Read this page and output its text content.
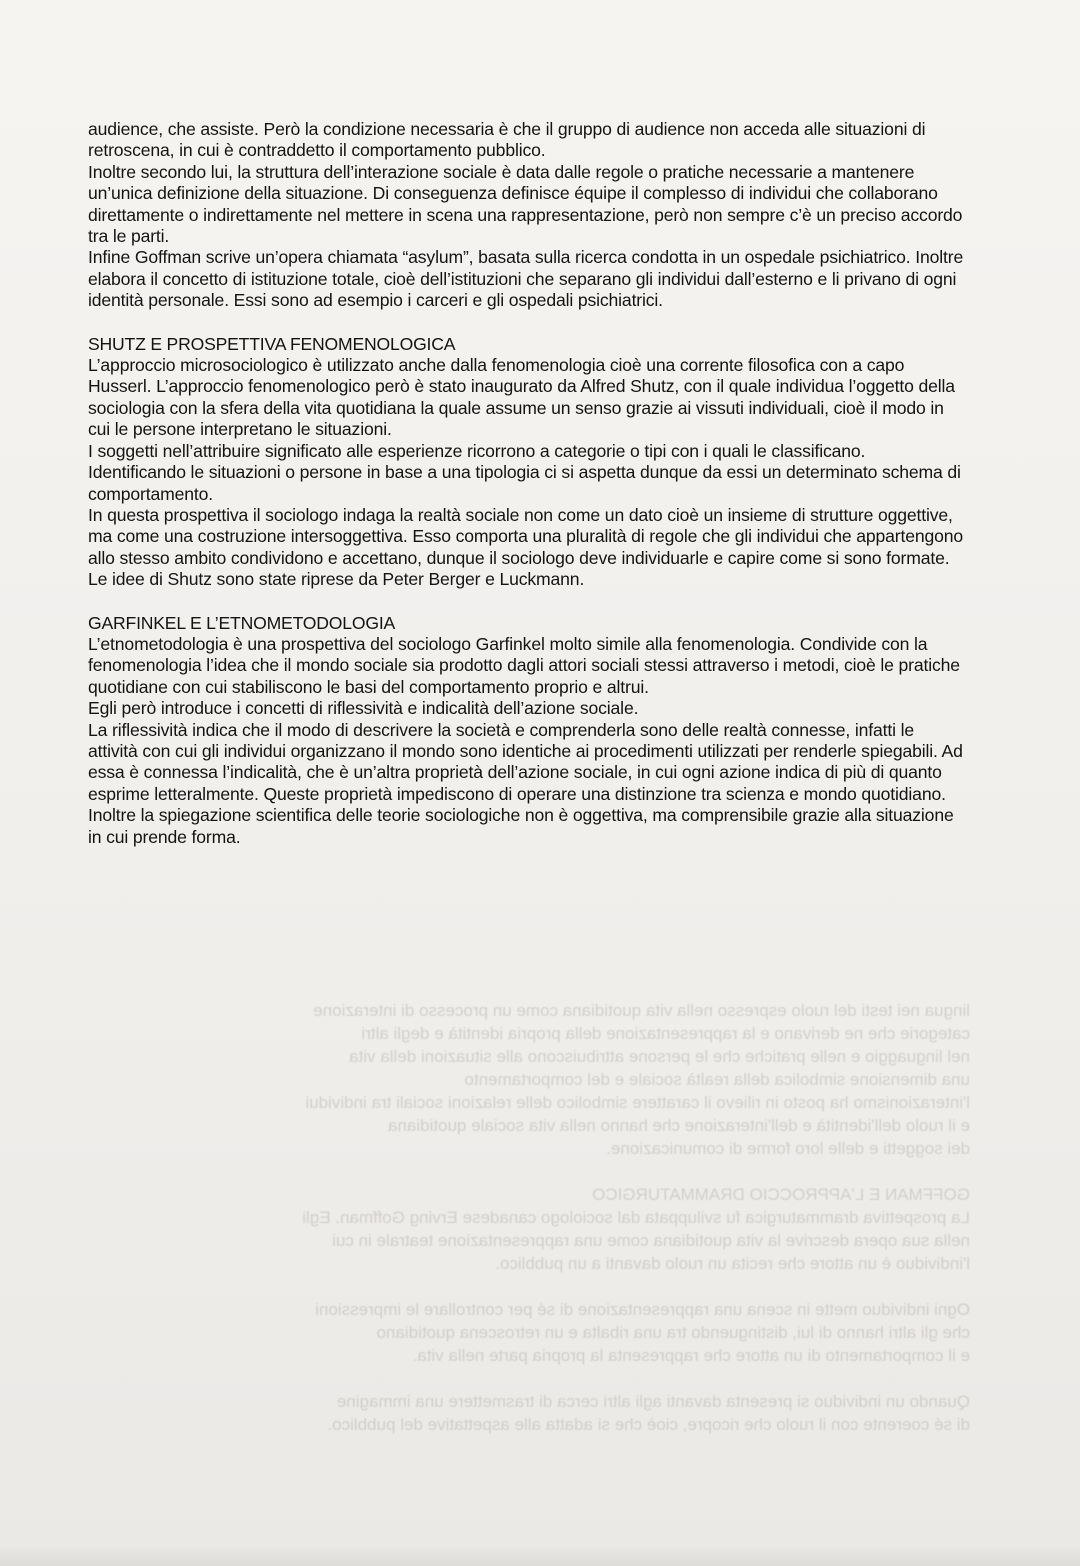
lingua nei testi del ruolo espresso nella vita quotidiana come un processo di interazione

categorie che ne derivano e la rappresentazione della propria identità e degli altri

nel linguaggio e nelle pratiche che le persone attribuiscono alle situazioni della vita

una dimensione simbolica della realtà sociale e del comportamento

l'interazionismo ha posto in rilievo il carattere simbolico delle relazioni sociali tra individui

e il ruolo dell'identità e dell'interazione che hanno nella vita sociale quotidiana

dei soggetti e delle loro forme di comunicazione.

GOFFMAN E L'APPROCCIO DRAMMATURGICO

La prospettiva drammaturgica fu sviluppata dal sociologo canadese Erving Goffman. Egli

nella sua opera descrive la vita quotidiana come una rappresentazione teatrale in cui

l'individuo è un attore che recita un ruolo davanti a un pubblico.

Ogni individuo mette in scena una rappresentazione di sé per controllare le impressioni

che gli altri hanno di lui, distinguendo tra una ribalta e un retroscena quotidiano

e il comportamento di un attore che rappresenta la propria parte nella vita.

Quando un individuo si presenta davanti agli altri cerca di trasmettere una immagine

di sé coerente con il ruolo che ricopre, cioè che si adatta alle aspettative del pubblico.

audience, che assiste. Però la condizione necessaria è che il gruppo di audience non acceda alle situazioni di retroscena, in cui è contraddetto il comportamento pubblico.

Inoltre secondo lui, la struttura dell’interazione sociale è data dalle regole o pratiche necessarie a mantenere un’unica definizione della situazione. Di conseguenza definisce équipe il complesso di individui che collaborano direttamente o indirettamente nel mettere in scena una rappresentazione, però non sempre c’è un preciso accordo tra le parti.

Infine Goffman scrive un’opera chiamata “asylum”, basata sulla ricerca condotta in un ospedale psichiatrico. Inoltre elabora il concetto di istituzione totale, cioè dell’istituzioni che separano gli individui dall’esterno e li privano di ogni identità personale. Essi sono ad esempio i carceri e gli ospedali psichiatrici.

SHUTZ E PROSPETTIVA FENOMENOLOGICA

L’approccio microsociologico è utilizzato anche dalla fenomenologia cioè una corrente filosofica con a capo Husserl. L’approccio fenomenologico però è stato inaugurato da Alfred Shutz, con il quale individua l’oggetto della sociologia con la sfera della vita quotidiana la quale assume un senso grazie ai vissuti individuali, cioè il modo in cui le persone interpretano le situazioni.

I soggetti nell’attribuire significato alle esperienze ricorrono a categorie o tipi con i quali le classificano.

Identificando le situazioni o persone in base a una tipologia ci si aspetta dunque da essi un determinato schema di comportamento.

In questa prospettiva il sociologo indaga la realtà sociale non come un dato cioè un insieme di strutture oggettive, ma come una costruzione intersoggettiva. Esso comporta una pluralità di regole che gli individui che appartengono allo stesso ambito condividono e accettano, dunque il sociologo deve individuarle e capire come si sono formate. Le idee di Shutz sono state riprese da Peter Berger e Luckmann.

GARFINKEL E L’ETNOMETODOLOGIA

L’etnometodologia è una prospettiva del sociologo Garfinkel molto simile alla fenomenologia. Condivide con la fenomenologia l’idea che il mondo sociale sia prodotto dagli attori sociali stessi attraverso i metodi, cioè le pratiche quotidiane con cui stabiliscono le basi del comportamento proprio e altrui.

Egli però introduce i concetti di riflessività e indicalità dell’azione sociale.

La riflessività indica che il modo di descrivere la società e comprenderla sono delle realtà connesse, infatti le attività con cui gli individui organizzano il mondo sono identiche ai procedimenti utilizzati per renderle spiegabili. Ad essa è connessa l’indicalità, che è un’altra proprietà dell’azione sociale, in cui ogni azione indica di più di quanto esprime letteralmente. Queste proprietà impediscono di operare una distinzione tra scienza e mondo quotidiano. Inoltre la spiegazione scientifica delle teorie sociologiche non è oggettiva, ma comprensibile grazie alla situazione in cui prende forma.
